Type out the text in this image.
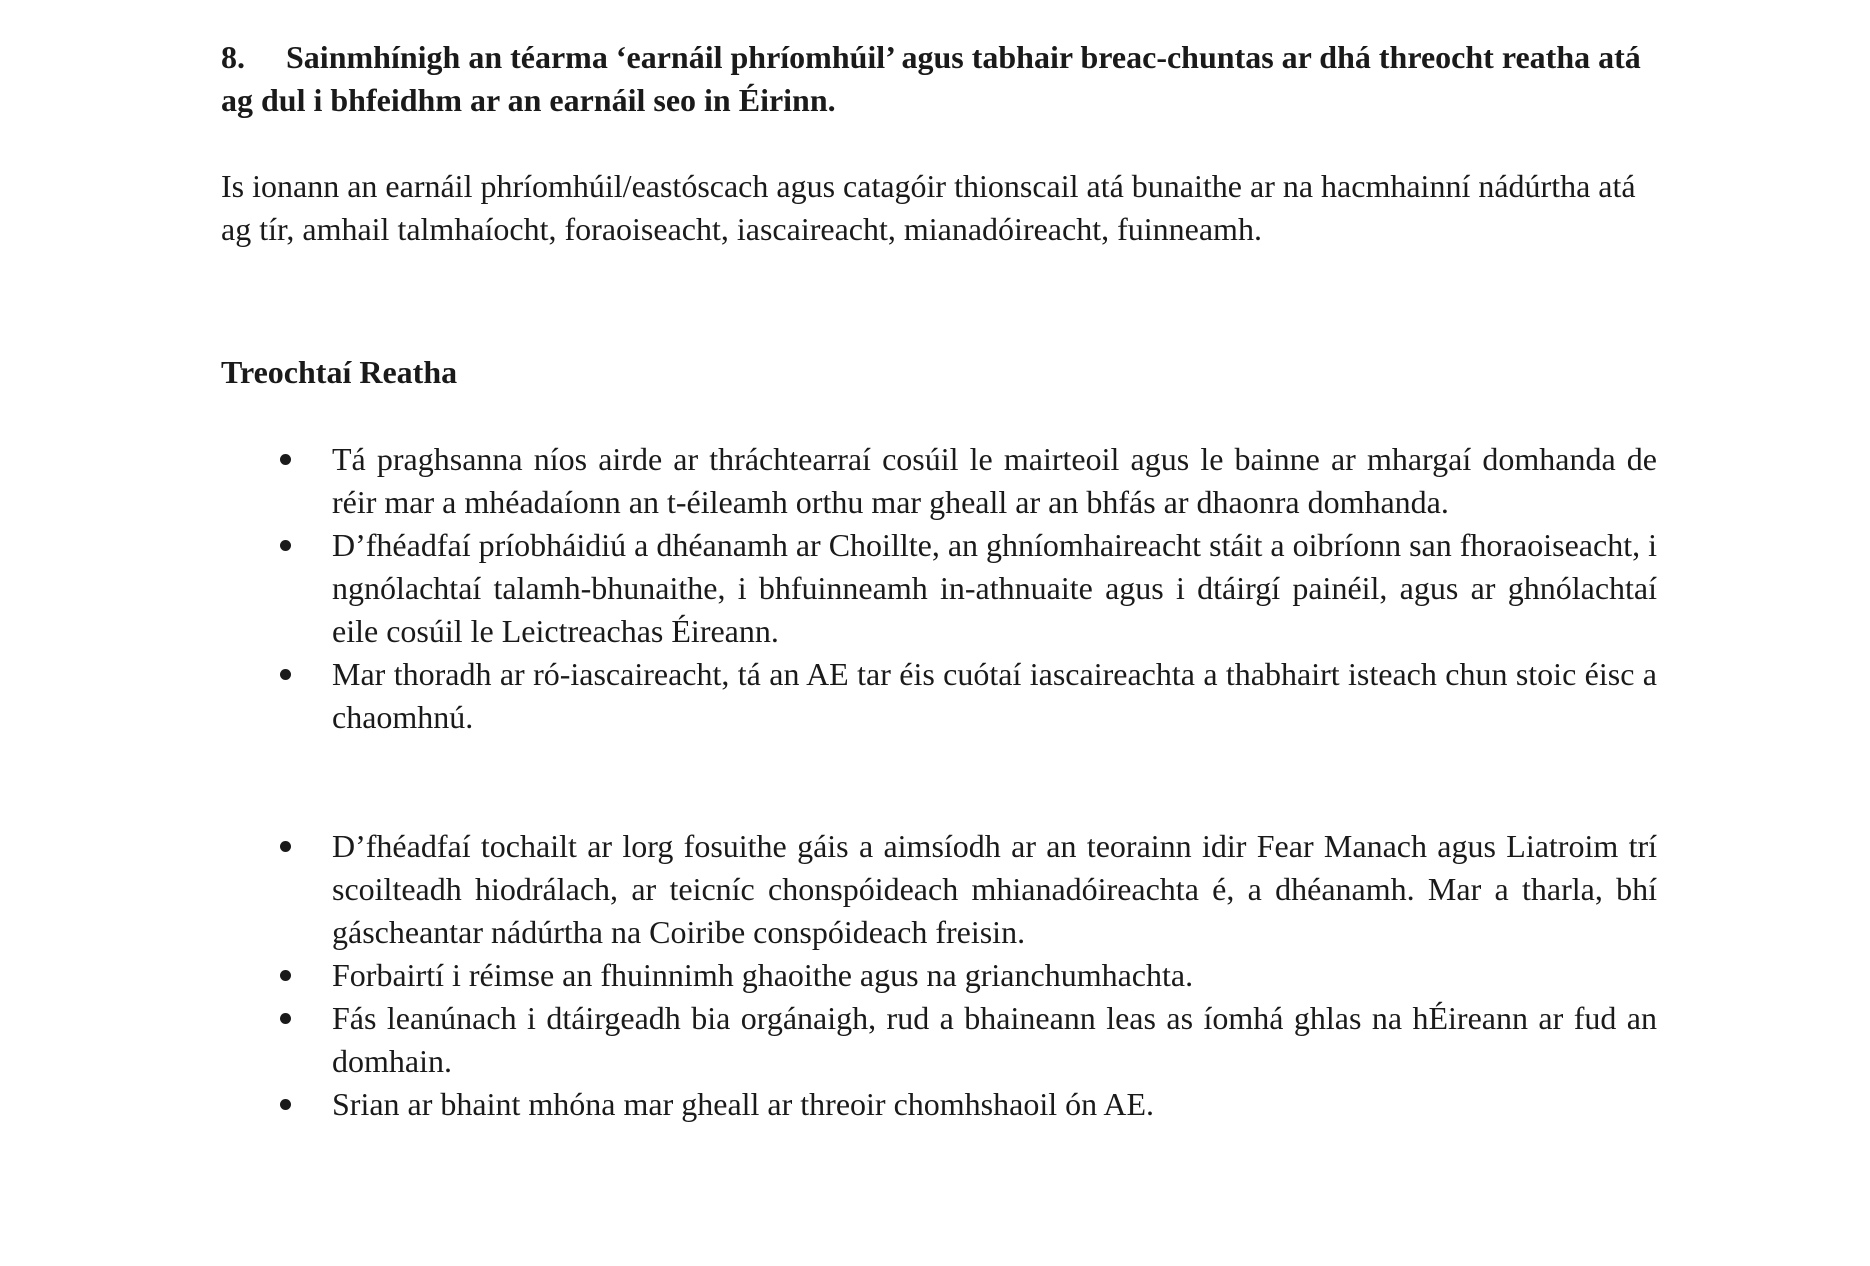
8. Sainmhínigh an téarma ‘earnáil phríomhúil’ agus tabhair breac-chuntas ar dhá threocht reatha atá ag dul i bhfeidhm ar an earnáil seo in Éirinn.

Is ionann an earnáil phríomhúil/eastóscach agus catagóir thionscail atá bunaithe ar na hacmhainní nádúrtha atá ag tír, amhail talmhaíocht, foraoiseacht, iascaireacht, mianadóireacht, fuinneamh.

Treochtaí Reatha

Tá praghsanna níos airde ar thráchtearraí cosúil le mairteoil agus le bainne ar mhargaí domhanda de réir mar a mhéadaíonn an t-éileamh orthu mar gheall ar an bhfás ar dhaonra domhanda.
D’fhéadfaí príobháidiú a dhéanamh ar Choillte, an ghníomhaireacht stáit a oibríonn san fhoraoiseacht, i ngnólachtaí talamh-bhunaithe, i bhfuinneamh in-athnuaite agus i dtáirgí painéil, agus ar ghnólachtaí eile cosúil le Leictreachas Éireann.
Mar thoradh ar ró-iascaireacht, tá an AE tar éis cuótaí iascaireachta a thabhairt isteach chun stoic éisc a chaomhnú.
D’fhéadfaí tochailt ar lorg fosuithe gáis a aimsíodh ar an teorainn idir Fear Manach agus Liatroim trí scoilteadh hiodrálach, ar teicníc chonspóideach mhianadóireachta é, a dhéanamh. Mar a tharla, bhí gáscheantar nádúrtha na Coiribe conspóideach freisin.
Forbairtí i réimse an fhuinnimh ghaoithe agus na grianchumhachta.
Fás leanúnach i dtáirgeadh bia orgánaigh, rud a bhaineann leas as íomhá ghlas na hÉireann ar fud an domhain.
Srian ar bhaint mhóna mar gheall ar threoir chomhshaoil ón AE.
